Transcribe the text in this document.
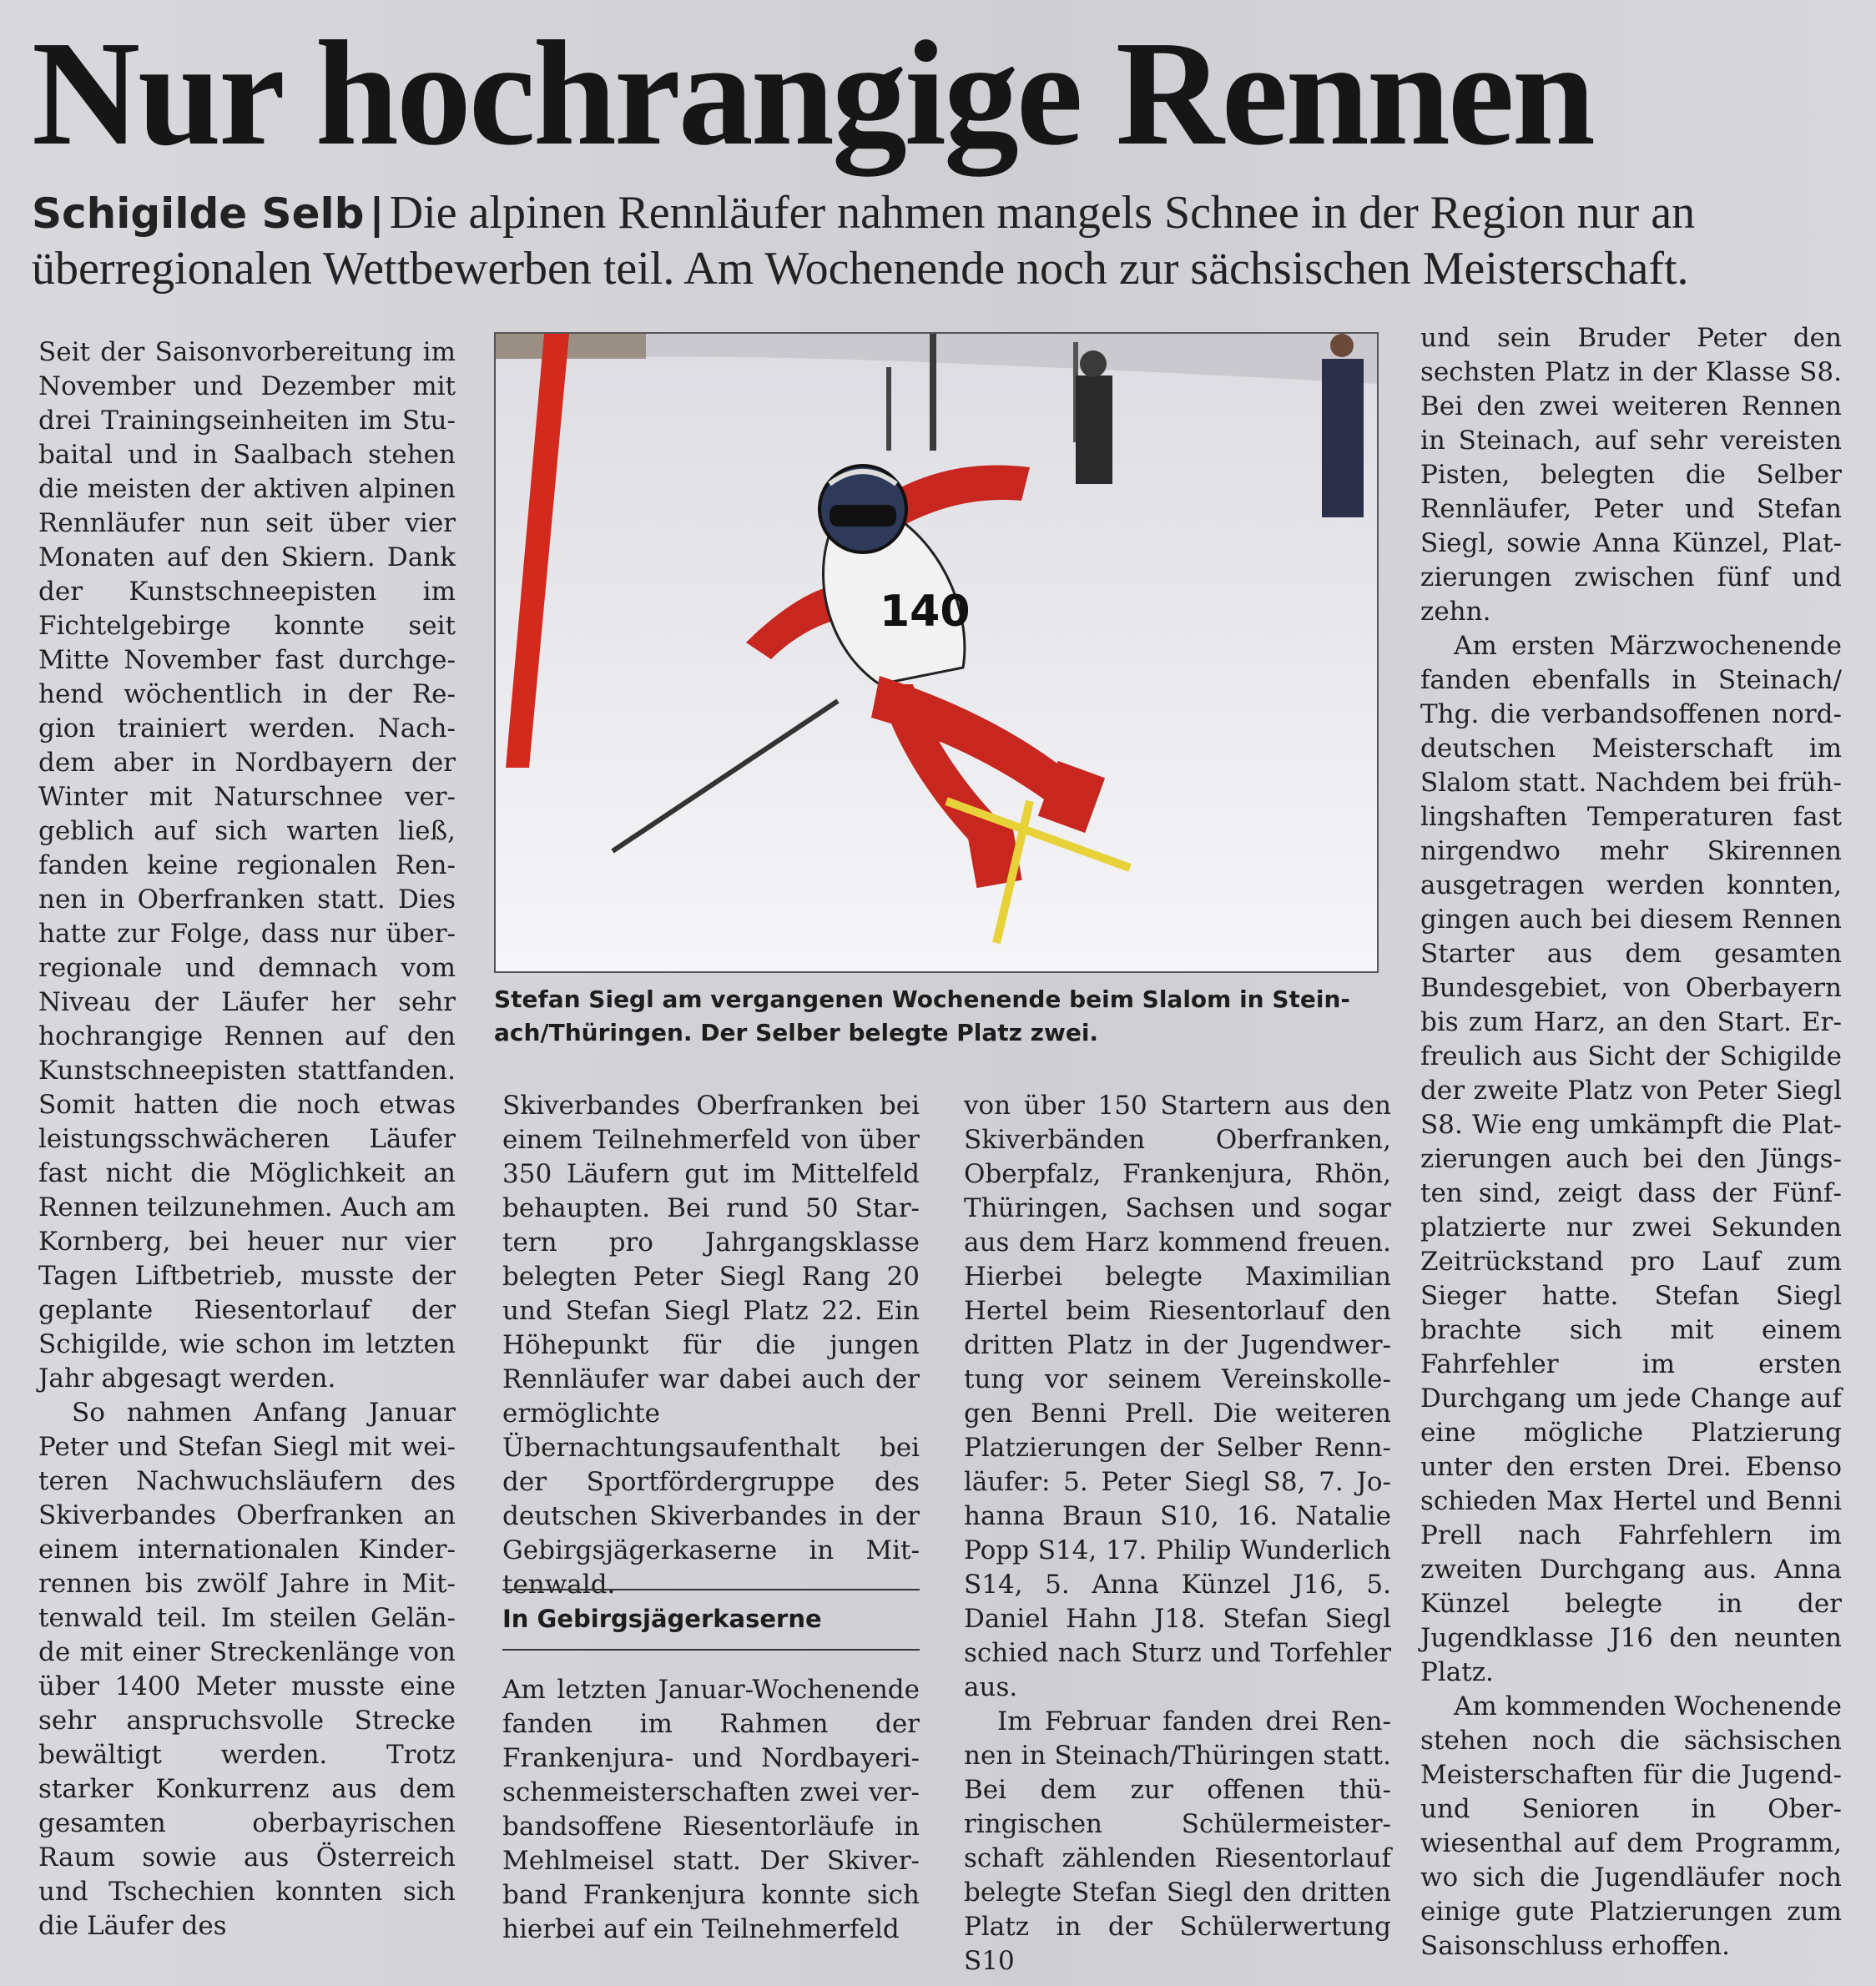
Nur hochrangige Rennen
Schigilde Selb | Die alpinen Rennläufer nahmen mangels Schnee in der Region nur an überregionalen Wettbewerben teil. Am Wochenende noch zur sächsischen Meisterschaft.

Seit der Saisonvorbereitung im November und Dezember mit drei Trainingseinheiten im Stubaital und in Saalbach stehen die meisten der aktiven alpinen Rennläufer nun seit über vier Monaten auf den Skiern. Dank der Kunstschneepisten im Fichtelgebirge konnte seit Mitte November fast durchgehend wöchentlich in der Region trainiert werden. Nachdem aber in Nordbayern der Winter mit Naturschnee vergeblich auf sich warten ließ, fanden keine regionalen Rennen in Oberfranken statt. Dies hatte zur Folge, dass nur überregionale und demnach vom Niveau der Läufer her sehr hochrangige Rennen auf den Kunstschneepisten stattfanden. Somit hatten die noch etwas leistungsschwächeren Läufer fast nicht die Möglichkeit an Rennen teilzunehmen. Auch am Kornberg, bei heuer nur vier Tagen Liftbetrieb, musste der geplante Riesentorlauf der Schigilde, wie schon im letzten Jahr abgesagt werden.

So nahmen Anfang Januar Peter und Stefan Siegl mit weiteren Nachwuchsläufern des Skiverbandes Oberfranken an einem internationalen Kinderrennen bis zwölf Jahre in Mittenwald teil. Im steilen Gelände mit einer Streckenlänge von über 1400 Meter musste eine sehr anspruchsvolle Strecke bewältigt werden. Trotz starker Konkurrenz aus dem gesamten oberbayrischen Raum sowie aus Österreich und Tschechien konnten sich die Läufer des

140
Stefan Siegl am vergangenen Wochenende beim Slalom in Stein-ach/Thüringen. Der Selber belegte Platz zwei.

Skiverbandes Oberfranken bei einem Teilnehmerfeld von über 350 Läufern gut im Mittelfeld behaupten. Bei rund 50 Startern pro Jahrgangsklasse belegten Peter Siegl Rang 20 und Stefan Siegl Platz 22. Ein Höhepunkt für die jungen Rennläufer war dabei auch der ermöglichte Übernachtungsaufenthalt bei der Sportfördergruppe des deutschen Skiverbandes in der Gebirgsjägerkaserne in Mittenwald.

In Gebirgsjägerkaserne

Am letzten Januar-Wochenende fanden im Rahmen der Frankenjura- und Nordbayerischenmeisterschaften zwei verbandsoffene Riesentorläufe in Mehlmeisel statt. Der Skiverband Frankenjura konnte sich hierbei auf ein Teilnehmerfeld

von über 150 Startern aus den Skiverbänden Oberfranken, Oberpfalz, Frankenjura, Rhön, Thüringen, Sachsen und sogar aus dem Harz kommend freuen. Hierbei belegte Maximilian Hertel beim Riesentorlauf den dritten Platz in der Jugendwertung vor seinem Vereinskollegen Benni Prell. Die weiteren Platzierungen der Selber Rennläufer: 5. Peter Siegl S8, 7. Johanna Braun S10, 16. Natalie Popp S14, 17. Philip Wunderlich S14, 5. Anna Künzel J16, 5. Daniel Hahn J18. Stefan Siegl schied nach Sturz und Torfehler aus.

Im Februar fanden drei Rennen in Steinach/Thüringen statt. Bei dem zur offenen thüringischen Schülermeisterschaft zählenden Riesentorlauf belegte Stefan Siegl den dritten Platz in der Schülerwertung S10

und sein Bruder Peter den sechsten Platz in der Klasse S8. Bei den zwei weiteren Rennen in Steinach, auf sehr vereisten Pisten, belegten die Selber Rennläufer, Peter und Stefan Siegl, sowie Anna Künzel, Platzierungen zwischen fünf und zehn.

Am ersten Märzwochenende fanden ebenfalls in Steinach/ Thg. die verbandsoffenen norddeutschen Meisterschaft im Slalom statt. Nachdem bei frühlingshaften Temperaturen fast nirgendwo mehr Skirennen ausgetragen werden konnten, gingen auch bei diesem Rennen Starter aus dem gesamten Bundesgebiet, von Oberbayern bis zum Harz, an den Start. Erfreulich aus Sicht der Schigilde der zweite Platz von Peter Siegl S8. Wie eng umkämpft die Platzierungen auch bei den Jüngsten sind, zeigt dass der Fünfplatzierte nur zwei Sekunden Zeitrückstand pro Lauf zum Sieger hatte. Stefan Siegl brachte sich mit einem Fahrfehler im ersten Durchgang um jede Change auf eine mögliche Platzierung unter den ersten Drei. Ebenso schieden Max Hertel und Benni Prell nach Fahrfehlern im zweiten Durchgang aus. Anna Künzel belegte in der Jugendklasse J16 den neunten Platz.

Am kommenden Wochenende stehen noch die sächsischen Meisterschaften für die Jugend- und Senioren in Oberwiesenthal auf dem Programm, wo sich die Jugendläufer noch einige gute Platzierungen zum Saisonschluss erhoffen.
